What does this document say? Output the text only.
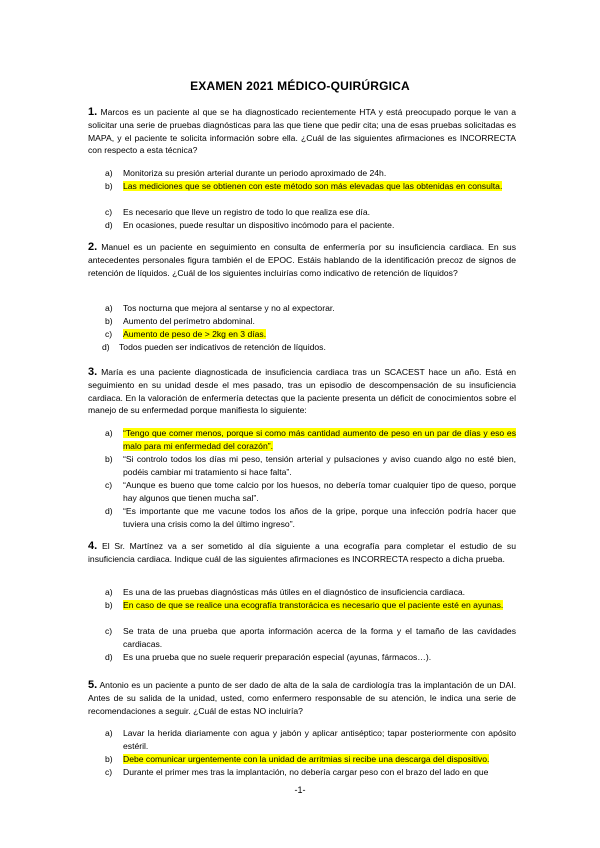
EXAMEN 2021 MÉDICO-QUIRÚRGICA
1. Marcos es un paciente al que se ha diagnosticado recientemente HTA y está preocupado porque le van a solicitar una serie de pruebas diagnósticas para las que tiene que pedir cita; una de esas pruebas solicitadas es MAPA, y el paciente te solicita información sobre ella. ¿Cuál de las siguientes afirmaciones es INCORRECTA con respecto a esta técnica?
a)	Monitoriza su presión arterial durante un periodo aproximado de 24h.
b)	Las mediciones que se obtienen con este método son más elevadas que las obtenidas en consulta.
c)	Es necesario que lleve un registro de todo lo que realiza ese día.
d)	En ocasiones, puede resultar un dispositivo incómodo para el paciente.
2. Manuel es un paciente en seguimiento en consulta de enfermería por su insuficiencia cardiaca. En sus antecedentes personales figura también el de EPOC. Estáis hablando de la identificación precoz de signos de retención de líquidos. ¿Cuál de los siguientes incluirías como indicativo de retención de líquidos?
a)	Tos nocturna que mejora al sentarse y no al expectorar.
b)	Aumento del perímetro abdominal.
c)	Aumento de peso de > 2kg en 3 días.
d)	Todos pueden ser indicativos de retención de líquidos.
3. María es una paciente diagnosticada de insuficiencia cardiaca tras un SCACEST hace un año. Está en seguimiento en su unidad desde el mes pasado, tras un episodio de descompensación de su insuficiencia cardiaca. En la valoración de enfermería detectas que la paciente presenta un déficit de conocimientos sobre el manejo de su enfermedad porque manifiesta lo siguiente:
a)	“Tengo que comer menos, porque si como más cantidad aumento de peso en un par de días y eso es malo para mi enfermedad del corazón”.
b)	“Si controlo todos los días mi peso, tensión arterial y pulsaciones y aviso cuando algo no esté bien, podéis cambiar mi tratamiento si hace falta”.
c)	“Aunque es bueno que tome calcio por los huesos, no debería tomar cualquier tipo de queso, porque hay algunos que tienen mucha sal”.
d)	“Es importante que me vacune todos los años de la gripe, porque una infección podría hacer que tuviera una crisis como la del último ingreso”.
4. El Sr. Martínez va a ser sometido al día siguiente a una ecografía para completar el estudio de su insuficiencia cardiaca. Indique cuál de las siguientes afirmaciones es INCORRECTA respecto a dicha prueba.
a)	Es una de las pruebas diagnósticas más útiles en el diagnóstico de insuficiencia cardiaca.
b)	En caso de que se realice una ecografía transtorácica es necesario que el paciente esté en ayunas.
c)	Se trata de una prueba que aporta información acerca de la forma y el tamaño de las cavidades cardiacas.
d)	Es una prueba que no suele requerir preparación especial (ayunas, fármacos…).
5. Antonio es un paciente a punto de ser dado de alta de la sala de cardiología tras la implantación de un DAI. Antes de su salida de la unidad, usted, como enfermero responsable de su atención, le indica una serie de recomendaciones a seguir. ¿Cuál de estas NO incluiría?
a)	Lavar la herida diariamente con agua y jabón y aplicar antiséptico; tapar posteriormente con apósito estéril.
b)	Debe comunicar urgentemente con la unidad de arritmias si recibe una descarga del dispositivo.
c)	Durante el primer mes tras la implantación, no debería cargar peso con el brazo del lado en que
-1-
